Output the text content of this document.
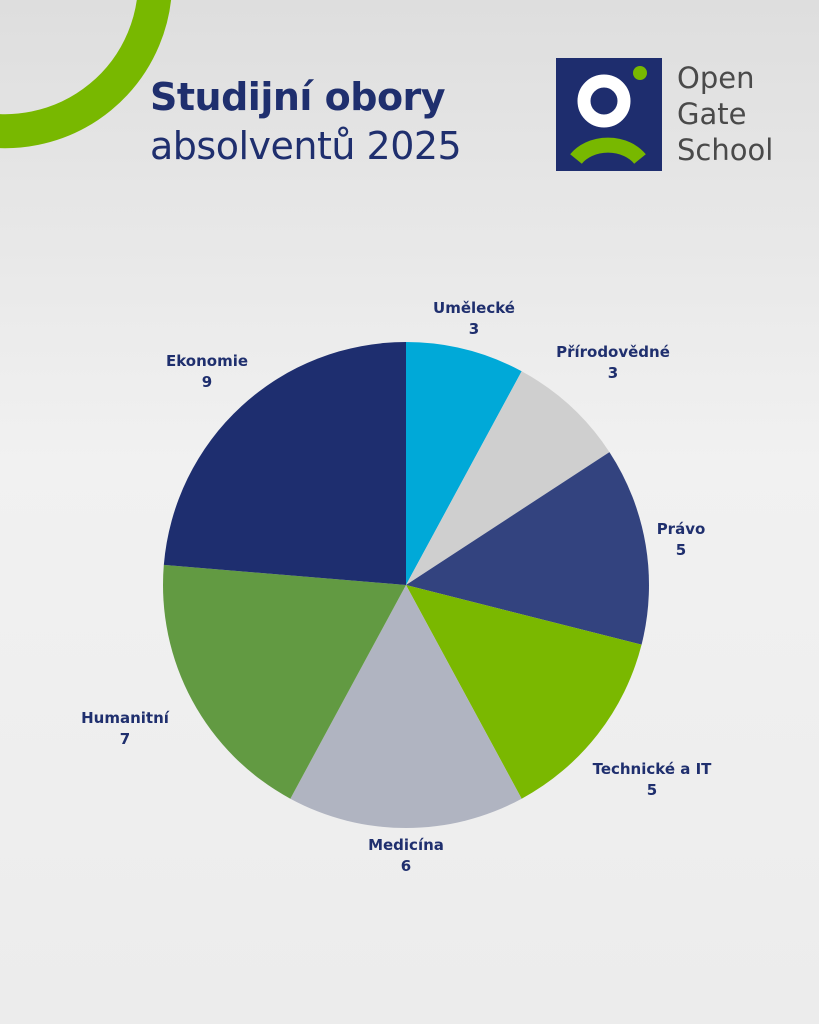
Studijní obory
absolventů 2025
Open
Gate
School
Umělecké
3
Přírodovědné
3
Právo
5
Technické a IT
5
Medicína
6
Humanitní
7
Ekonomie
9
